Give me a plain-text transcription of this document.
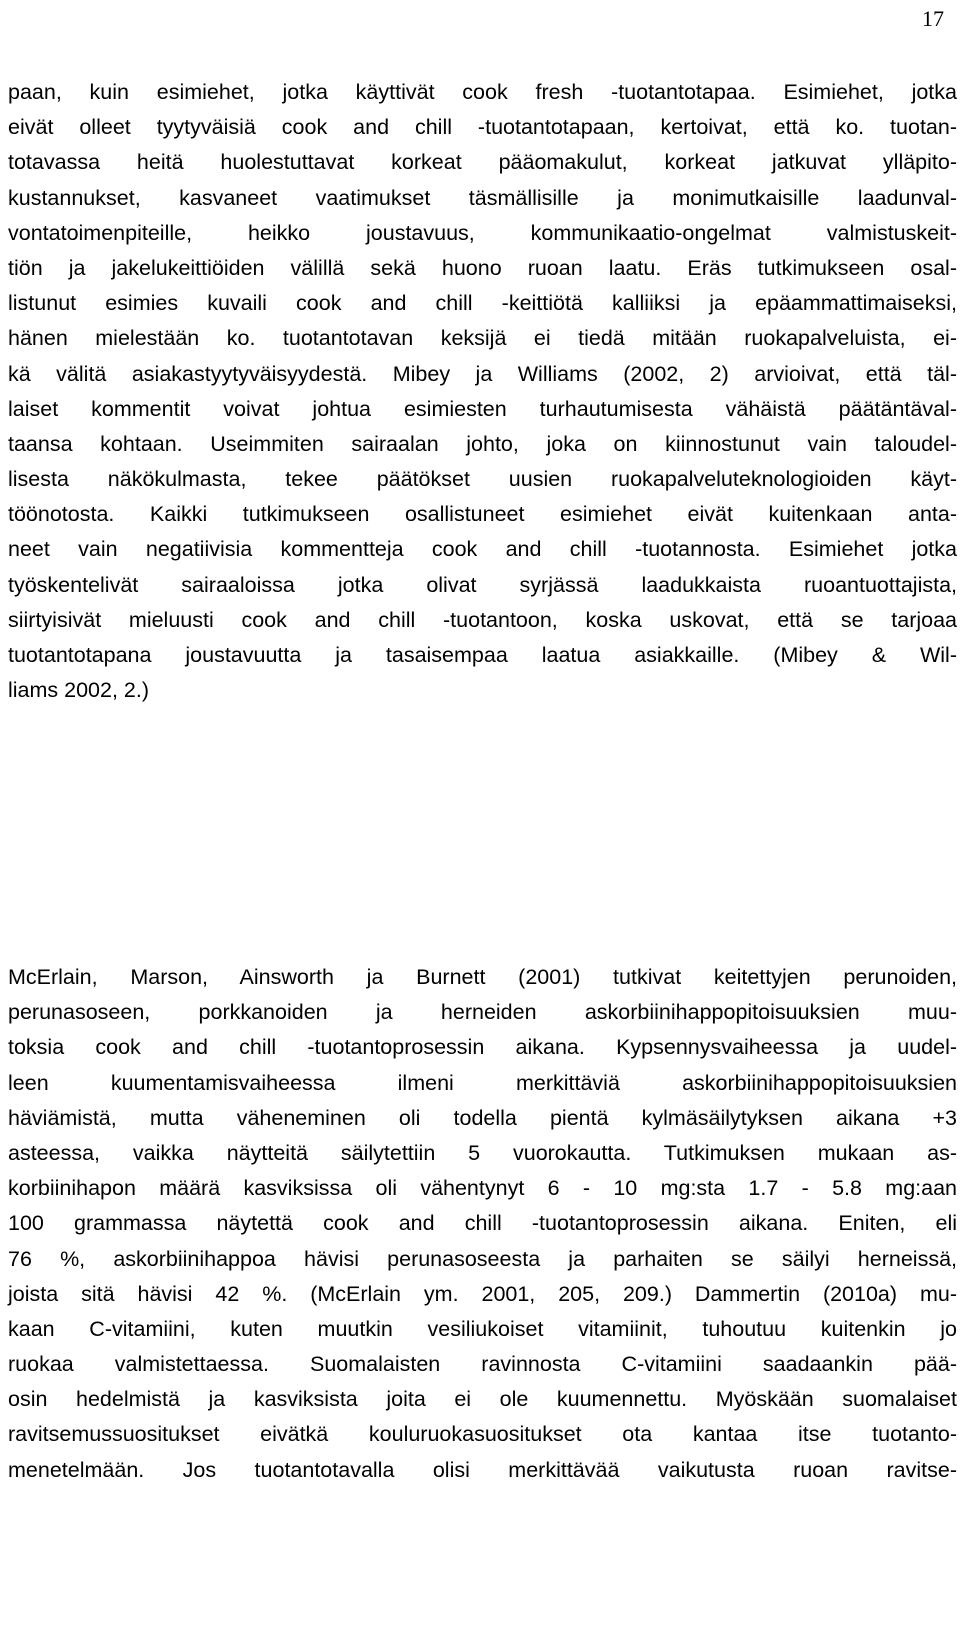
17
paan, kuin esimiehet, jotka käyttivät cook fresh -tuotantotapaa. Esimiehet, jotka
eivät olleet tyytyväisiä cook and chill -tuotantotapaan, kertoivat, että ko. tuotan-
totavassa heitä huolestuttavat korkeat pääomakulut, korkeat jatkuvat ylläpito-
kustannukset, kasvaneet vaatimukset täsmällisille ja monimutkaisille laadunval-
vontatoimenpiteille, heikko joustavuus, kommunikaatio-ongelmat valmistuskeit-
tiön ja jakelukeittiöiden välillä sekä huono ruoan laatu. Eräs tutkimukseen osal-
listunut esimies kuvaili cook and chill -keittiötä kalliiksi ja epäammattimaiseksi,
hänen mielestään ko. tuotantotavan keksijä ei tiedä mitään ruokapalveluista, ei-
kä välitä asiakastyytyväisyydestä. Mibey ja Williams (2002, 2) arvioivat, että täl-
laiset kommentit voivat johtua esimiesten turhautumisesta vähäistä päätäntäval-
taansa kohtaan. Useimmiten sairaalan johto, joka on kiinnostunut vain taloudel-
lisesta näkökulmasta, tekee päätökset uusien ruokapalveluteknologioiden käyt-
töönotosta. Kaikki tutkimukseen osallistuneet esimiehet eivät kuitenkaan anta-
neet vain negatiivisia kommentteja cook and chill -tuotannosta. Esimiehet jotka
työskentelivät sairaaloissa jotka olivat syrjässä laadukkaista ruoantuottajista,
siirtyisivät mieluusti cook and chill -tuotantoon, koska uskovat, että se tarjoaa
tuotantotapana joustavuutta ja tasaisempaa laatua asiakkaille. (Mibey & Wil-
liams 2002, 2.)
McErlain, Marson, Ainsworth ja Burnett (2001) tutkivat keitettyjen perunoiden,
perunasoseen, porkkanoiden ja herneiden askorbiinihappopitoisuuksien muu-
toksia cook and chill -tuotantoprosessin aikana. Kypsennysvaiheessa ja uudel-
leen kuumentamisvaiheessa ilmeni merkittäviä askorbiinihappopitoisuuksien
häviämistä, mutta väheneminen oli todella pientä kylmäsäilytyksen aikana +3
asteessa, vaikka näytteitä säilytettiin 5 vuorokautta. Tutkimuksen mukaan as-
korbiinihapon määrä kasviksissa oli vähentynyt 6 - 10 mg:sta 1.7 - 5.8 mg:aan
100 grammassa näytettä cook and chill -tuotantoprosessin aikana. Eniten, eli
76 %, askorbiinihappoa hävisi perunasoseesta ja parhaiten se säilyi herneissä,
joista sitä hävisi 42 %. (McErlain ym. 2001, 205, 209.) Dammertin (2010a) mu-
kaan C-vitamiini, kuten muutkin vesiliukoiset vitamiinit, tuhoutuu kuitenkin jo
ruokaa valmistettaessa. Suomalaisten ravinnosta C-vitamiini saadaankin pää-
osin hedelmistä ja kasviksista joita ei ole kuumennettu. Myöskään suomalaiset
ravitsemussuositukset eivätkä kouluruokasuositukset ota kantaa itse tuotanto-
menetelmään. Jos tuotantotavalla olisi merkittävää vaikutusta ruoan ravitse-
